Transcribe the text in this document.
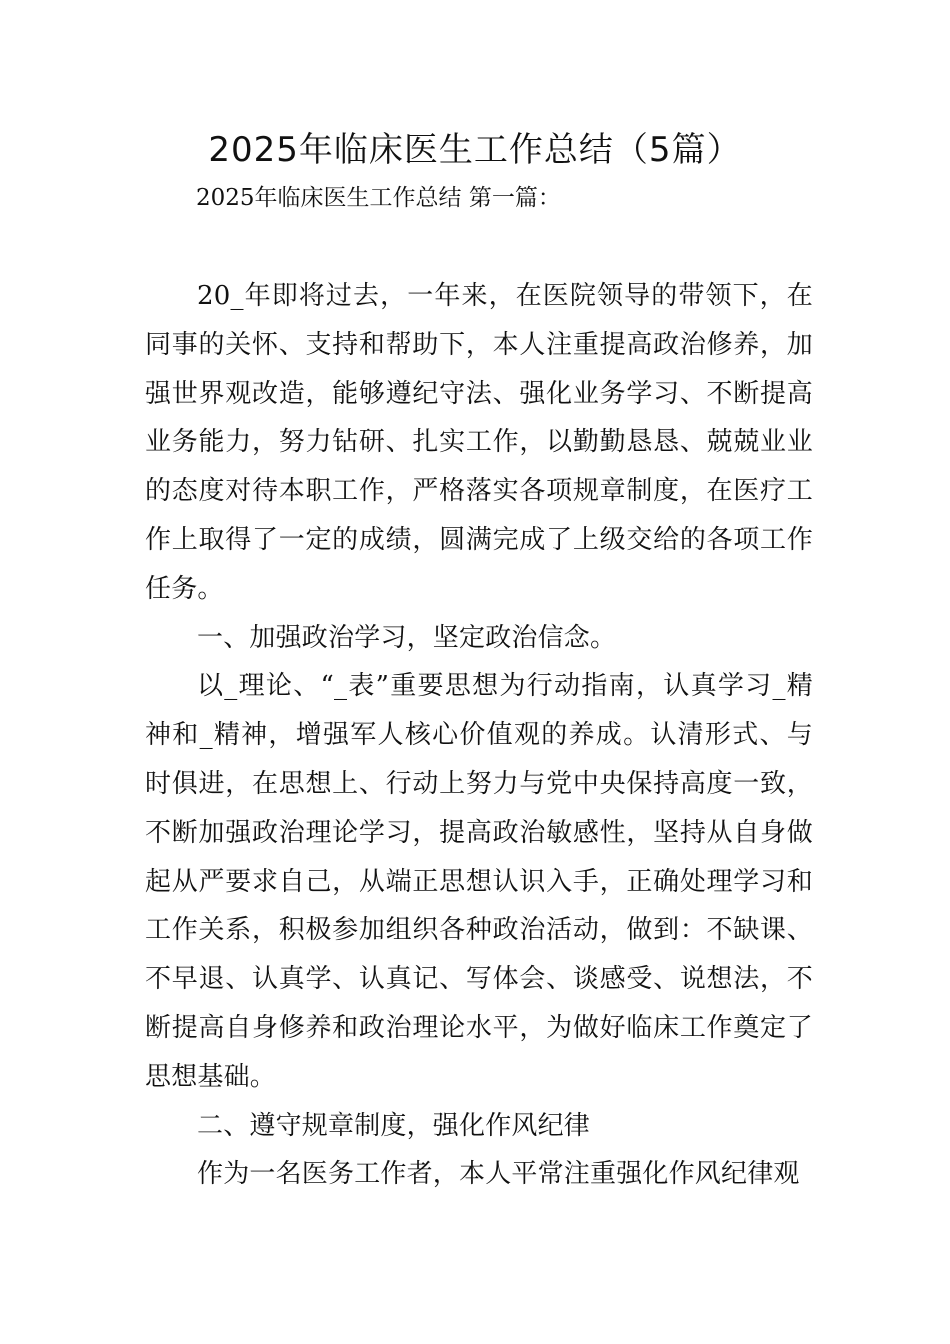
2025年临床医生工作总结（5篇）
2025年临床医生工作总结 第一篇：

20_年即将过去，一年来，在医院领导的带领下，在同事的关怀、支持和帮助下，本人注重提高政治修养，加强世界观改造，能够遵纪守法、强化业务学习、不断提高业务能力，努力钻研、扎实工作，以勤勤恳恳、兢兢业业的态度对待本职工作，严格落实各项规章制度，在医疗工作上取得了一定的成绩，圆满完成了上级交给的各项工作任务。

一、加强政治学习，坚定政治信念。

以_理论、“_表”重要思想为行动指南，认真学习_精神和_精神，增强军人核心价值观的养成。认清形式、与时俱进，在思想上、行动上努力与党中央保持高度一致，不断加强政治理论学习，提高政治敏感性，坚持从自身做起从严要求自己，从端正思想认识入手，正确处理学习和工作关系，积极参加组织各种政治活动，做到：不缺课、不早退、认真学、认真记、写体会、谈感受、说想法，不断提高自身修养和政治理论水平，为做好临床工作奠定了思想基础。

二、遵守规章制度，强化作风纪律

作为一名医务工作者，本人平常注重强化作风纪律观
